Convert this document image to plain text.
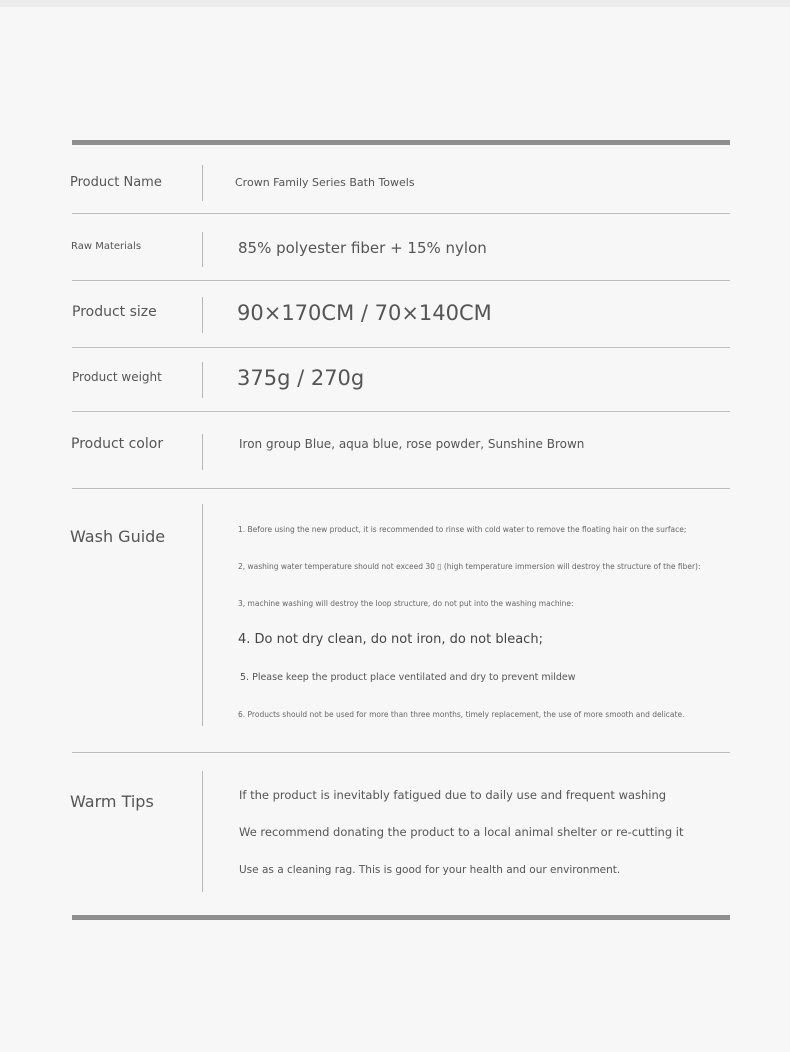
Product Name	Crown Family Series Bath Towels
Raw Materials	85% polyester fiber + 15% nylon
Product size	90×170CM / 70×140CM
Product weight	375g / 270g
Product color	Iron group Blue, aqua blue, rose powder, Sunshine Brown
Wash Guide	1. Before using the new product, it is recommended to rinse with cold water to remove the floating hair on the surface;
2, washing water temperature should not exceed 30 ▯ (high temperature immersion will destroy the structure of the fiber):
3, machine washing will destroy the loop structure, do not put into the washing machine:
4. Do not dry clean, do not iron, do not bleach;
5. Please keep the product place ventilated and dry to prevent mildew
6. Products should not be used for more than three months, timely replacement, the use of more smooth and delicate.
Warm Tips	If the product is inevitably fatigued due to daily use and frequent washing
We recommend donating the product to a local animal shelter or re-cutting it
Use as a cleaning rag. This is good for your health and our environment.
